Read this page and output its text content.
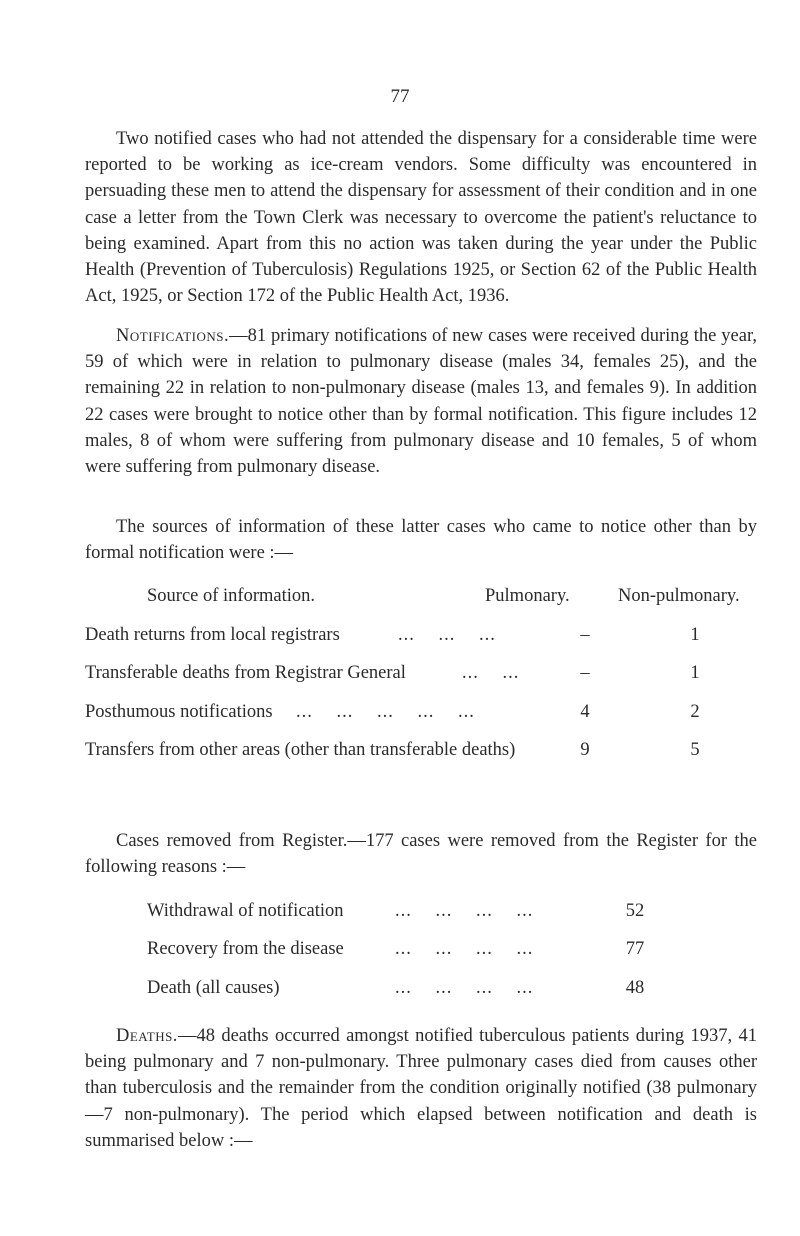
77

Two notified cases who had not attended the dispensary for a considerable time were reported to be working as ice-cream vendors. Some difficulty was encountered in persuading these men to attend the dispensary for assessment of their condition and in one case a letter from the Town Clerk was necessary to overcome the patient's reluctance to being examined. Apart from this no action was taken during the year under the Public Health (Prevention of Tuberculosis) Regulations 1925, or Section 62 of the Public Health Act, 1925, or Section 172 of the Public Health Act, 1936.

Notifications.—81 primary notifications of new cases were received during the year, 59 of which were in relation to pulmonary disease (males 34, females 25), and the remaining 22 in relation to non-pulmonary disease (males 13, and females 9). In addition 22 cases were brought to notice other than by formal notification. This figure includes 12 males, 8 of whom were suffering from pulmonary disease and 10 females, 5 of whom were suffering from pulmonary disease.

The sources of information of these latter cases who came to notice other than by formal notification were :—

Source of information.	Pulmonary.	Non-pulmonary.
Death returns from local registrars	... ... ...	–	1
Transferable deaths from Registrar General	... ...	–	1
Posthumous notifications ... ... ... ... ...	4	2
Transfers from other areas (other than transferable deaths)	9	5

Cases removed from Register.—177 cases were removed from the Register for the following reasons :—

Withdrawal of notification	... ... ... ...	52
Recovery from the disease	... ... ... ...	77
Death (all causes)	... ... ... ...	48

Deaths.—48 deaths occurred amongst notified tuberculous patients during 1937, 41 being pulmonary and 7 non-pulmonary. Three pulmonary cases died from causes other than tuberculosis and the remainder from the condition originally notified (38 pulmonary—7 non-pulmonary). The period which elapsed between notification and death is summarised below :—
